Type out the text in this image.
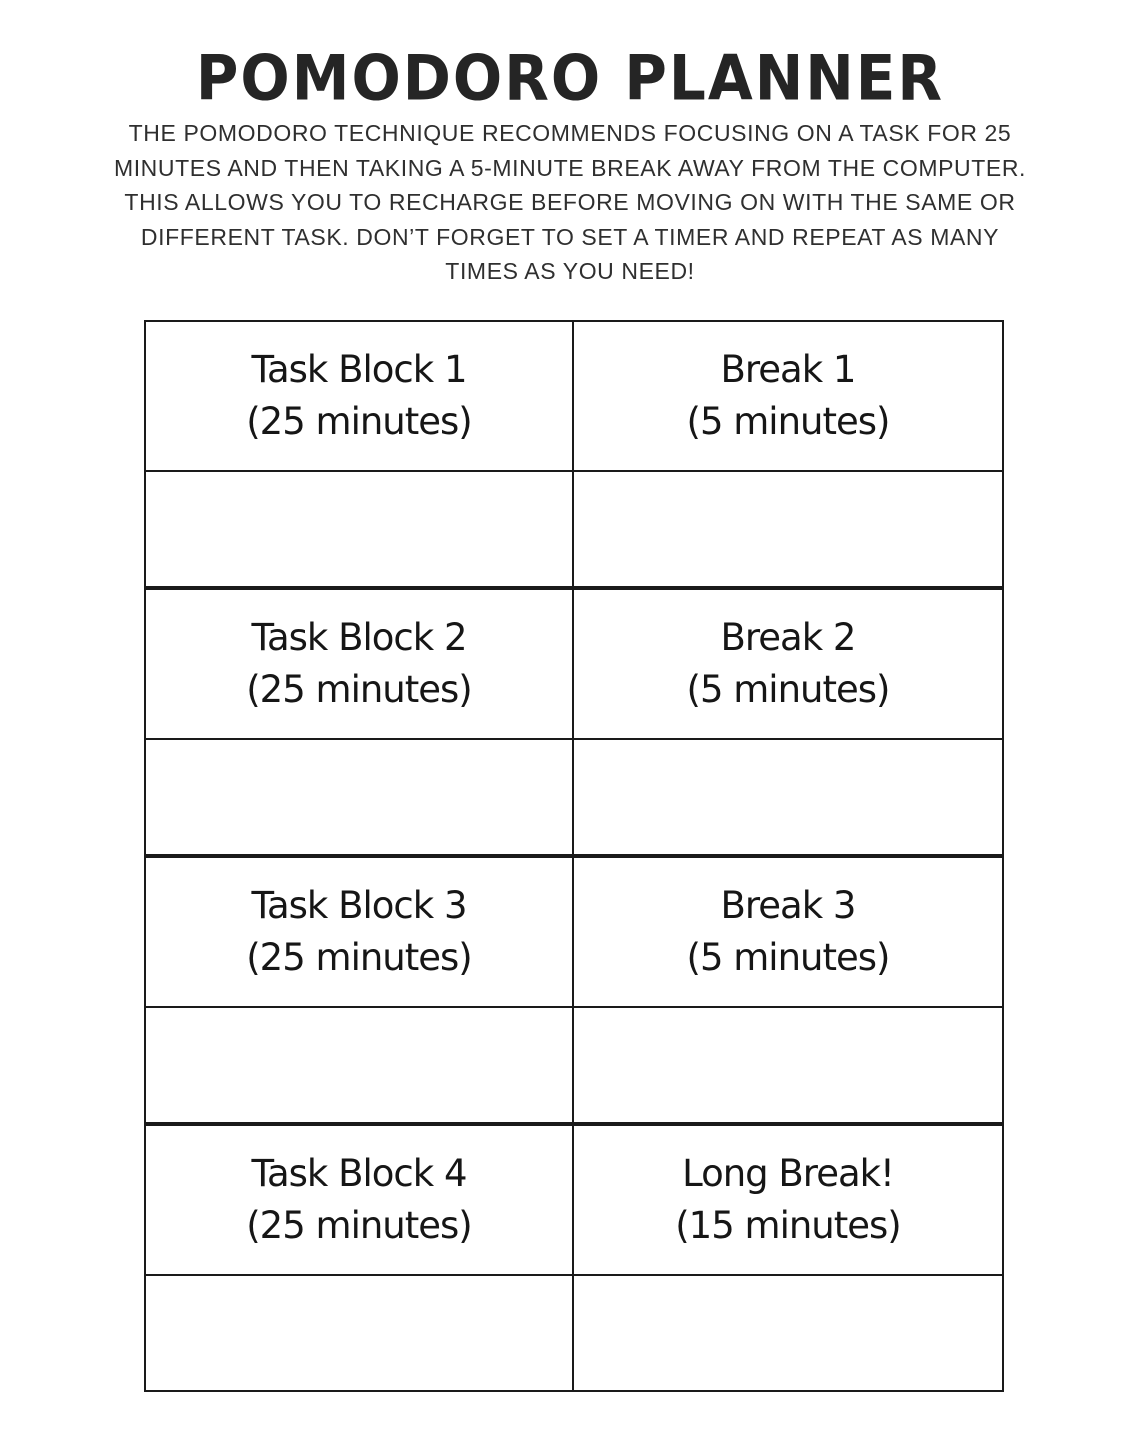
POMODORO PLANNER
THE POMODORO TECHNIQUE RECOMMENDS FOCUSING ON A TASK FOR 25
MINUTES AND THEN TAKING A 5-MINUTE BREAK AWAY FROM THE COMPUTER.
THIS ALLOWS YOU TO RECHARGE BEFORE MOVING ON WITH THE SAME OR
DIFFERENT TASK. DON’T FORGET TO SET A TIMER AND REPEAT AS MANY
TIMES AS YOU NEED!
Task Block 1
(25 minutes)
Break 1
(5 minutes)
Task Block 2
(25 minutes)
Break 2
(5 minutes)
Task Block 3
(25 minutes)
Break 3
(5 minutes)
Task Block 4
(25 minutes)
Long Break!
(15 minutes)
